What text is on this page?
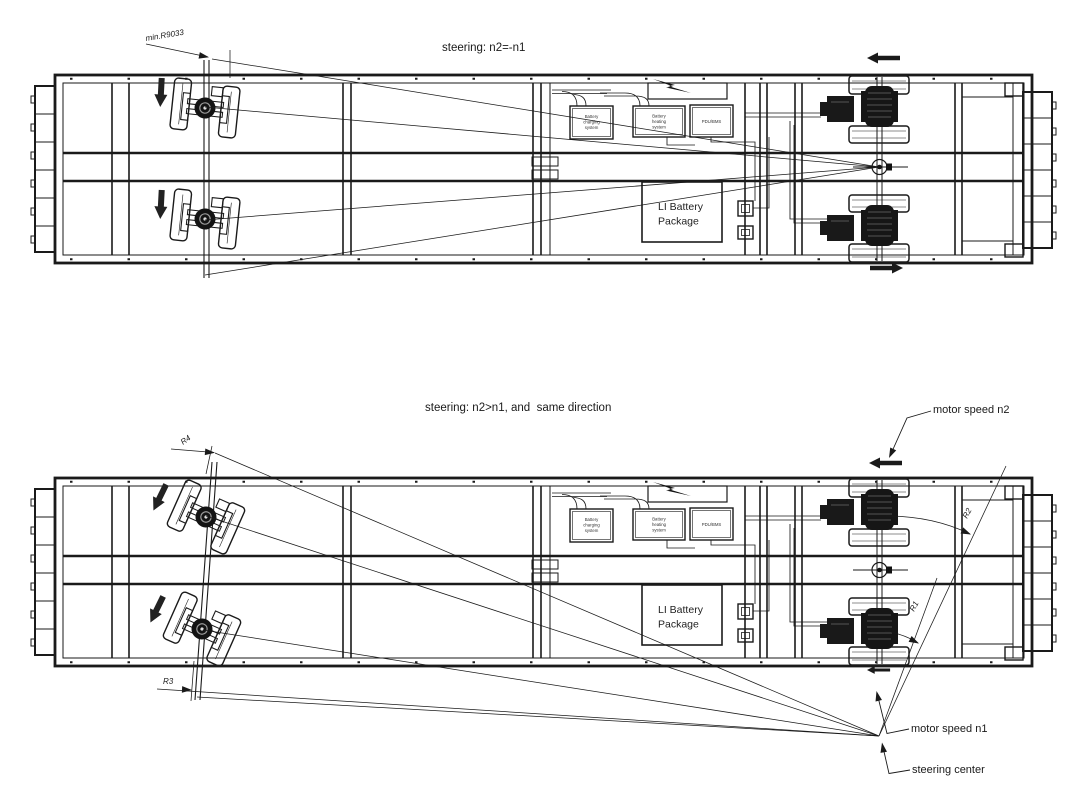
Battery
charging
system
Battery
heating
system
PDU/BMS
LI Battery
Package
steering: n2=-n1
min.R9033
steering: n2>n1, and  same direction
R4
R3
R1
R2
motor speed n2
motor speed n1
steering center
